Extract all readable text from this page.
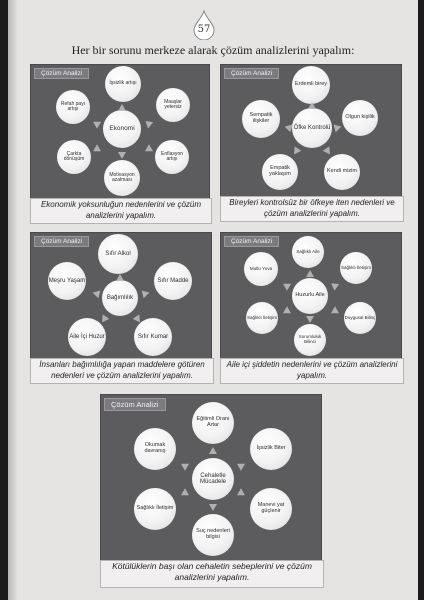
57
Her bir sorunu merkeze alarak çözüm analizlerini yapalım:
Çözüm Analizi
Ekonomi
İşsizlik artışı
Maaşlar yetersiz
Enflasyon artışı
Motivasyon azalması
Çarkta dönüşüm
Refah payı artışı
Ekonomik yoksunluğun nedenlerini ve çözüm analizlerini yapalım.
Çözüm Analizi
Öfke Kontrolü
Erdemli birey
Olgun kişilik
Kendi mizim
Empatik yaklaşım
Sempatik ilişkiler
Bireyleri kontrolsüz bir öfkeye iten nedenleri ve çözüm analizlerini yapalım.
Çözüm Analizi
Bağımlılık
Sıfır Alkol
Sıfır Madde
Sıfır Kumar
Aile İçi Huzur
Meşru Yaşam
İnsanları bağımlılığa yapan maddelere götüren nedenleri ve çözüm analizlerini yapalım.
Çözüm Analizi
Huzurlu Aile
Sağlıklı Aile
Sağlıklı İletişim
Duygusal Bilinç
Sorumluluk Bilinci
Sağlıklı İletişim
Mutlu Yuva
Aile içi şiddetin nedenlerini ve çözüm analizlerini yapalım.
Çözüm Analizi
Cehaletle Mücadele
Eğitimli Oranı Artar
İşsizlik Biter
Manevi yat güçlenir
Suç nedenleri bilgisi
Sağlıklı İletişim
Okumak davranış
Kötülüklerin başı olan cehaletin sebeplerini ve çözüm analizlerini yapalım.
